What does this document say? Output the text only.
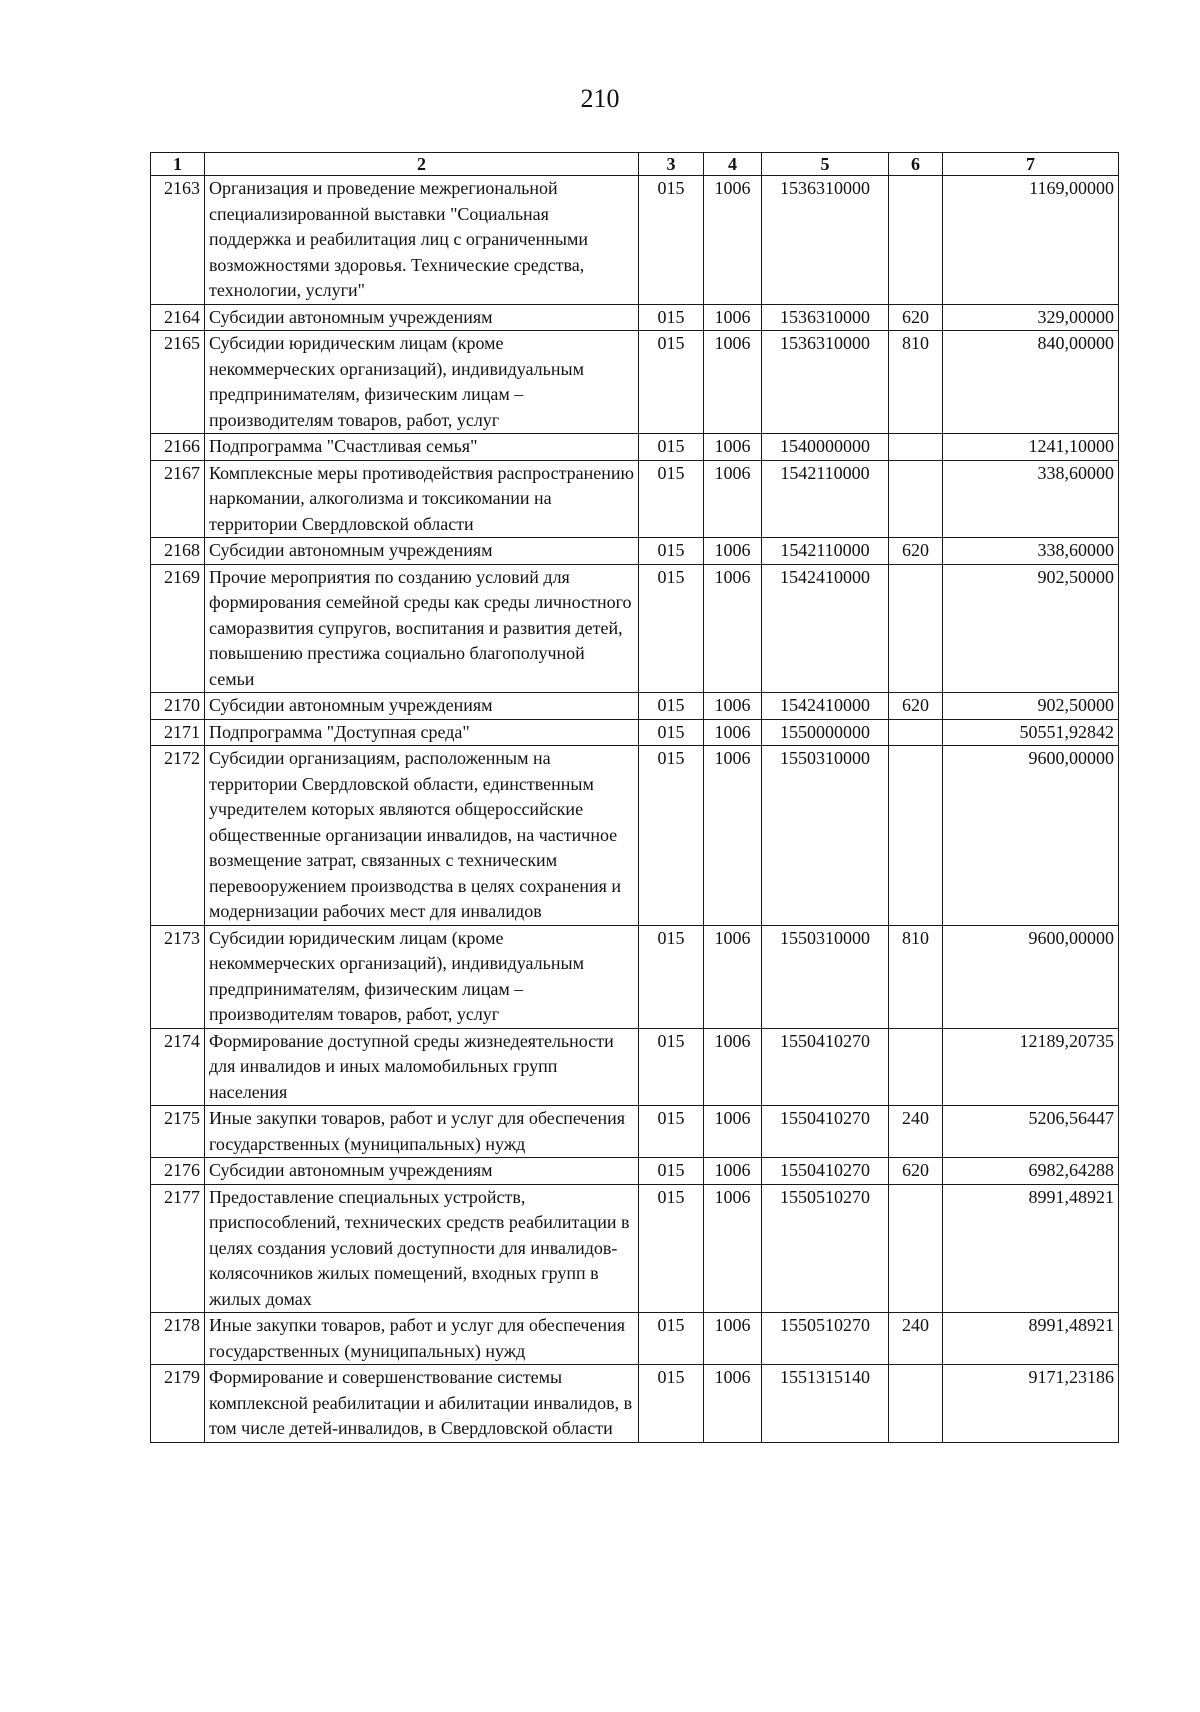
210
1	2	3	4	5	6	7
2163	Организация и проведение межрегиональной специализированной выставки "Социальная поддержка и реабилитация лиц с ограниченными возможностями здоровья. Технические средства, технологии, услуги"	015	1006	1536310000		1169,00000
2164	Субсидии автономным учреждениям	015	1006	1536310000	620	329,00000
2165	Субсидии юридическим лицам (кроме некоммерческих организаций), индивидуальным предпринимателям, физическим лицам – производителям товаров, работ, услуг	015	1006	1536310000	810	840,00000
2166	Подпрограмма "Счастливая семья"	015	1006	1540000000		1241,10000
2167	Комплексные меры противодействия распространению наркомании, алкоголизма и токсикомании на территории Свердловской области	015	1006	1542110000		338,60000
2168	Субсидии автономным учреждениям	015	1006	1542110000	620	338,60000
2169	Прочие мероприятия по созданию условий для формирования семейной среды как среды личностного саморазвития супругов, воспитания и развития детей, повышению престижа социально благополучной семьи	015	1006	1542410000		902,50000
2170	Субсидии автономным учреждениям	015	1006	1542410000	620	902,50000
2171	Подпрограмма "Доступная среда"	015	1006	1550000000		50551,92842
2172	Субсидии организациям, расположенным на территории Свердловской области, единственным учредителем которых являются общероссийские общественные организации инвалидов, на частичное возмещение затрат, связанных с техническим перевооружением производства в целях сохранения и модернизации рабочих мест для инвалидов	015	1006	1550310000		9600,00000
2173	Субсидии юридическим лицам (кроме некоммерческих организаций), индивидуальным предпринимателям, физическим лицам – производителям товаров, работ, услуг	015	1006	1550310000	810	9600,00000
2174	Формирование доступной среды жизнедеятельности для инвалидов и иных маломобильных групп населения	015	1006	1550410270		12189,20735
2175	Иные закупки товаров, работ и услуг для обеспечения государственных (муниципальных) нужд	015	1006	1550410270	240	5206,56447
2176	Субсидии автономным учреждениям	015	1006	1550410270	620	6982,64288
2177	Предоставление специальных устройств, приспособлений, технических средств реабилитации в целях создания условий доступности для инвалидов-колясочников жилых помещений, входных групп в жилых домах	015	1006	1550510270		8991,48921
2178	Иные закупки товаров, работ и услуг для обеспечения государственных (муниципальных) нужд	015	1006	1550510270	240	8991,48921
2179	Формирование и совершенствование системы комплексной реабилитации и абилитации инвалидов, в том числе детей-инвалидов, в Свердловской области	015	1006	1551315140		9171,23186
